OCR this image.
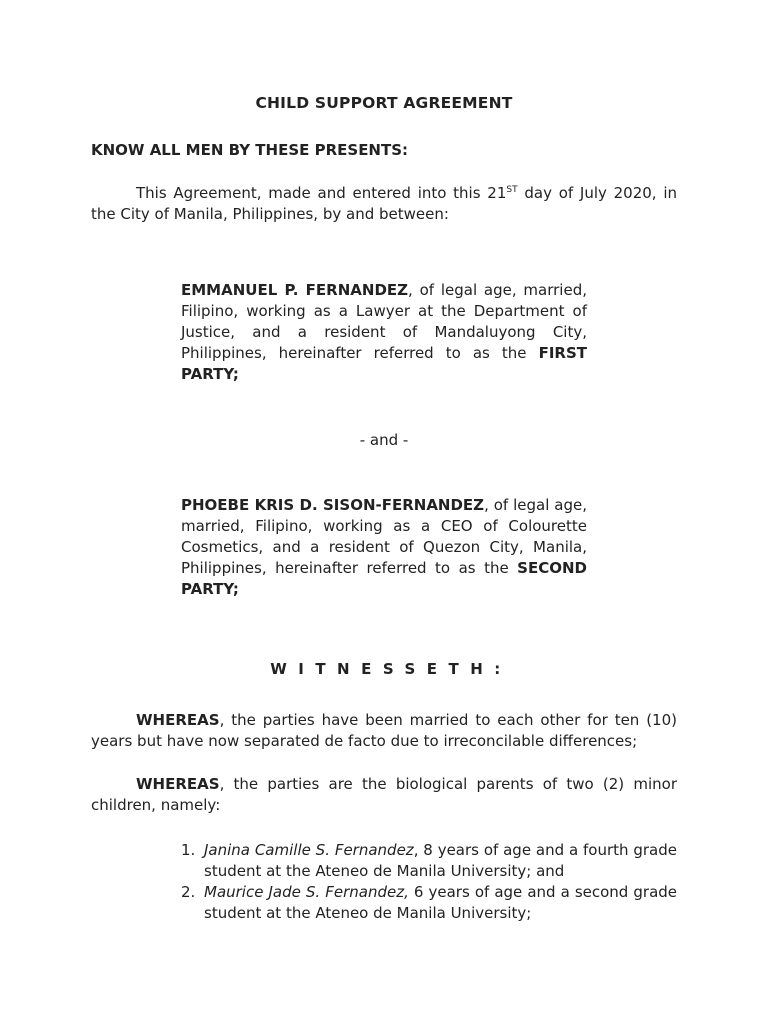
CHILD SUPPORT AGREEMENT
KNOW ALL MEN BY THESE PRESENTS:
This Agreement, made and entered into this 21ST day of July 2020, in the City of Manila, Philippines, by and between:
EMMANUEL P. FERNANDEZ, of legal age, married, Filipino, working as a Lawyer at the Department of Justice, and a resident of Mandaluyong City, Philippines, hereinafter referred to as the FIRST PARTY;
- and -
PHOEBE KRIS D. SISON-FERNANDEZ, of legal age, married, Filipino, working as a CEO of Colourette Cosmetics, and a resident of Quezon City, Manila, Philippines, hereinafter referred to as the SECOND PARTY;
WITNESSETH:
WHEREAS, the parties have been married to each other for ten (10) years but have now separated de facto due to irreconcilable differences;
WHEREAS, the parties are the biological parents of two (2) minor children, namely:
1. Janina Camille S. Fernandez, 8 years of age and a fourth grade student at the Ateneo de Manila University; and
2. Maurice Jade S. Fernandez, 6 years of age and a second grade student at the Ateneo de Manila University;
